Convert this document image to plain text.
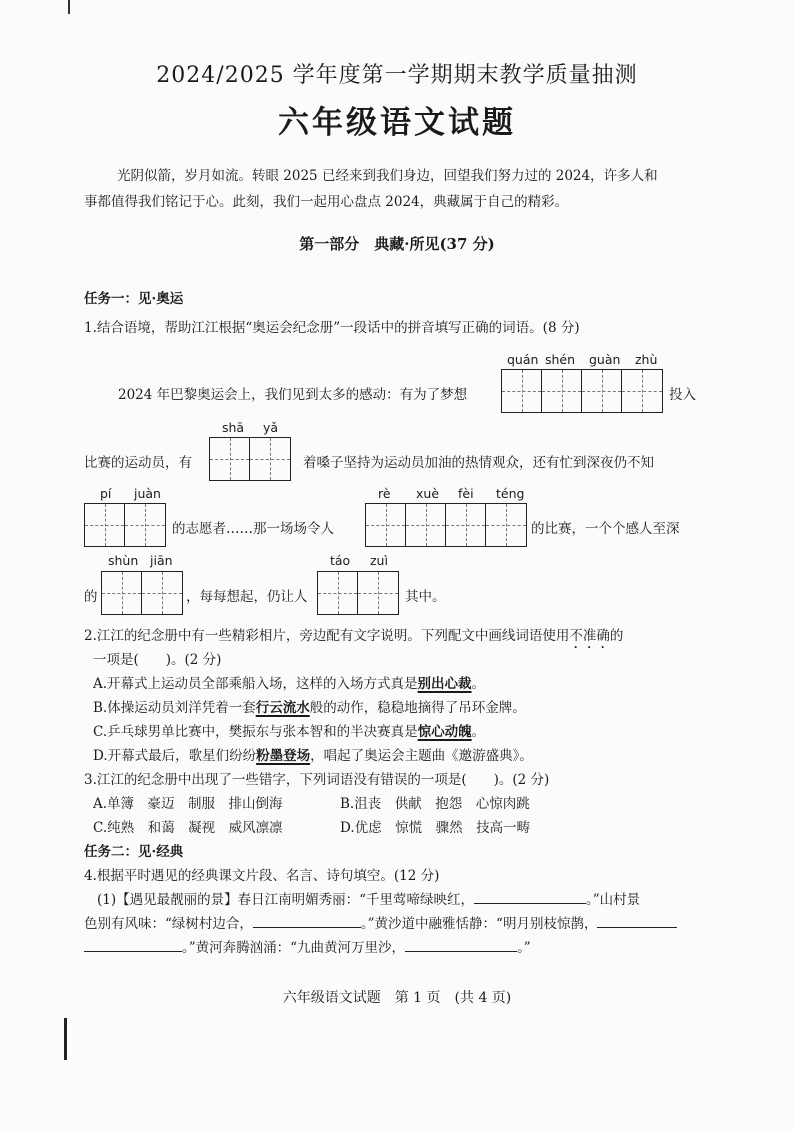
2024/2025 学年度第一学期期末教学质量抽测
六年级语文试题
光阴似箭，岁月如流。转眼 2025 已经来到我们身边，回望我们努力过的 2024，许多人和
事都值得我们铭记于心。此刻，我们一起用心盘点 2024，典藏属于自己的精彩。
第一部分　典藏·所见(37 分)
任务一：见·奥运
1.结合语境，帮助江江根据“奥运会纪念册”一段话中的拼音填写正确的词语。(8 分)
quán shén guàn zhù
2024 年巴黎奥运会上，我们见到太多的感动：有为了梦想	投入
shā yǎ
比赛的运动员，有	着嗓子坚持为运动员加油的热情观众，还有忙到深夜仍不知
pí juàn
的志愿者……那一场场令人
rè xuè fèi téng
的比赛，一个个感人至深
shùn jiān
的	，每每想起，仍让人
táo zuì
其中。
2.江江的纪念册中有一些精彩相片，旁边配有文字说明。下列配文中画线词语使用不准确的
一项是(　　)。(2 分)
A.开幕式上运动员全部乘船入场，这样的入场方式真是别出心裁。
B.体操运动员刘洋凭着一套行云流水般的动作，稳稳地摘得了吊环金牌。
C.乒乓球男单比赛中，樊振东与张本智和的半决赛真是惊心动魄。
D.开幕式最后，歌星们纷纷粉墨登场，唱起了奥运会主题曲《邀游盛典》。
3.江江的纪念册中出现了一些错字，下列词语没有错误的一项是(　　)。(2 分)
A.单簿　豪迈　制服　排山倒海	B.沮丧　供献　抱怨　心惊肉跳
C.纯熟　和蔼　凝视　威风凛凛	D.优虑　惊慌　骤然　技高一畴
任务二：见·经典
4.根据平时遇见的经典课文片段、名言、诗句填空。(12 分)
(1)【遇见最靓丽的景】春日江南明媚秀丽：“千里莺啼绿映红，	。”山村景
色别有风味：“绿树村边合，	。”黄沙道中融雅恬静：“明月别枝惊鹊，
。”黄河奔腾汹涌：“九曲黄河万里沙，	。”
六年级语文试题　第 1 页　(共 4 页)
